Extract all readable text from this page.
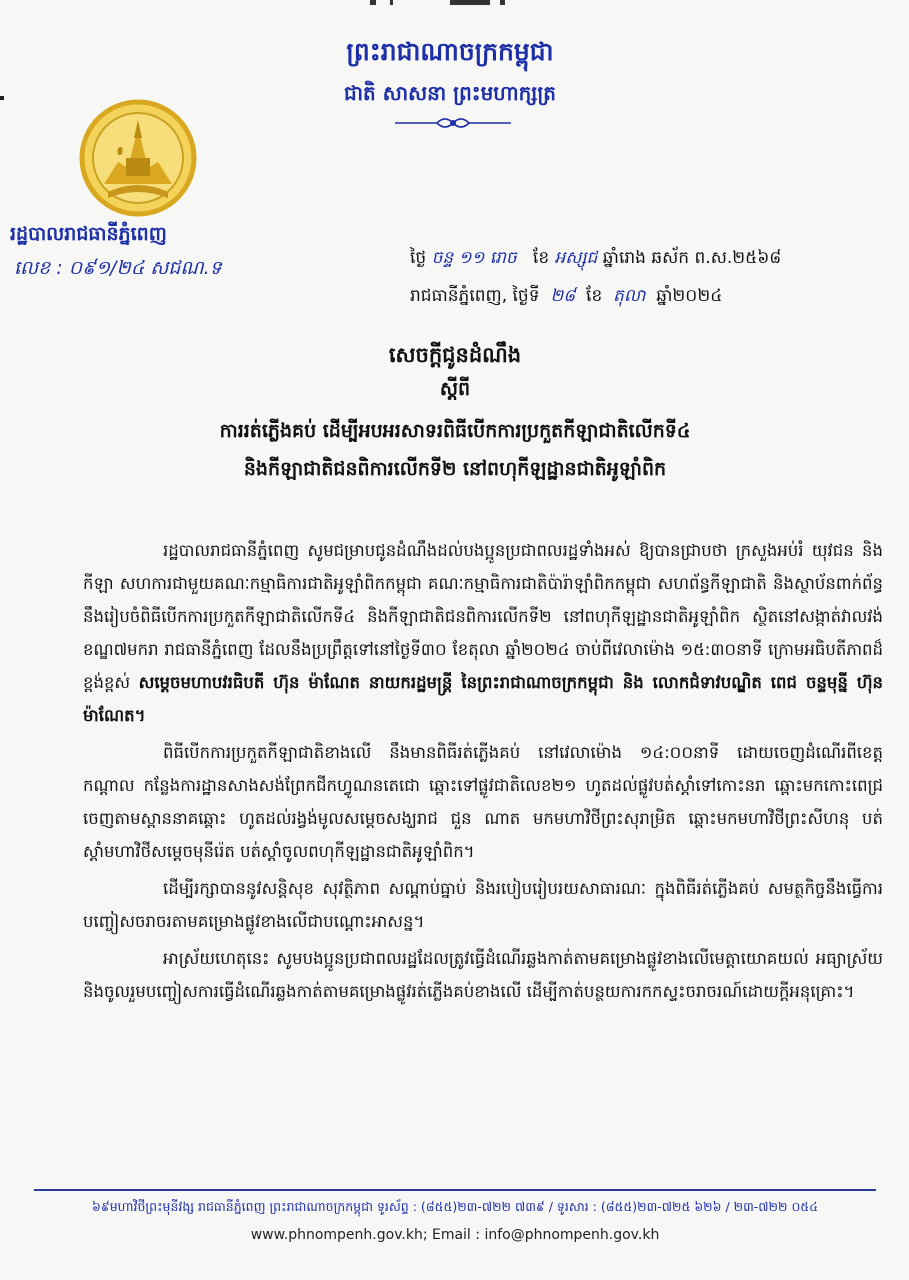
ព្រះរាជាណាចក្រកម្ពុជា
ជាតិ សាសនា ព្រះមហាក្សត្រ
រដ្ឋបាលរាជធានីភ្នំពេញ
លេខ : ០៩១/២៤ សជណ.ទ	ថ្ងៃ ចន្ទ ១១ រោច ខែ អស្សុជ ឆ្នាំរោង ឆស័ក ព.ស.២៥៦៨
រាជធានីភ្នំពេញ, ថ្ងៃទី ២៨ ខែ តុលា ឆ្នាំ២០២៤
សេចក្តីជូនដំណឹង
ស្តីពី
ការរត់ភ្លើងគប់ ដើម្បីអបអរសាទរពិធីបើកការប្រកួតកីឡាជាតិលើកទី៤
និងកីឡាជាតិជនពិការលើកទី២ នៅពហុកីឡដ្ឋានជាតិអូឡាំពិក

រដ្ឋបាលរាជធានីភ្នំពេញ សូមជម្រាបជូនដំណឹងដល់បងប្អូនប្រជាពលរដ្ឋទាំងអស់ ឱ្យបានជ្រាបថា ក្រសួងអប់រំ យុវជន និងកីឡា សហការជាមួយគណៈកម្មាធិការជាតិអូឡាំពិកកម្ពុជា គណៈកម្មាធិការជាតិប៉ារ៉ាឡាំពិកកម្ពុជា សហព័ន្ធកីឡាជាតិ និងស្ថាប័នពាក់ព័ន្ធ នឹងរៀបចំពិធីបើកការប្រកួតកីឡាជាតិលើកទី៤ និងកីឡាជាតិជនពិការលើកទី២ នៅពហុកីឡដ្ឋានជាតិអូឡាំពិក ស្ថិតនៅសង្កាត់វាលវង់ ខណ្ឌ៧មករា រាជធានីភ្នំពេញ ដែលនឹងប្រព្រឹត្តទៅនៅថ្ងៃទី៣០ ខែតុលា ឆ្នាំ២០២៤ ចាប់ពីវេលាម៉ោង ១៥:៣០នាទី ក្រោមអធិបតីភាពដ៏ខ្ពង់ខ្ពស់ សម្តេចមហាបវរធិបតី ហ៊ុន ម៉ាណែត នាយករដ្ឋមន្ត្រី នៃព្រះរាជាណាចក្រកម្ពុជា និង លោកជំទាវបណ្ឌិត ពេជ ចន្ទមុន្នី ហ៊ុន ម៉ាណែត។

ពិធីបើកការប្រកួតកីឡាជាតិខាងលើ នឹងមានពិធីរត់ភ្លើងគប់ នៅវេលាម៉ោង ១៤:០០នាទី ដោយចេញដំណើរពីខេត្តកណ្តាល កន្លែងការដ្ឋានសាងសង់ព្រែកជីកហ្វូណនតេជោ ឆ្ពោះទៅផ្លូវជាតិលេខ២១ ហូតដល់ផ្លូវបត់ស្តាំទៅកោះនរា ឆ្ពោះមកកោះពេជ្រ ចេញតាមស្ពាននាគឆ្ពោះ ហូតដល់រង្វង់មូលសម្តេចសង្ឃរាជ ជួន ណាត មកមហាវិថីព្រះសុរាម្រិត ឆ្ពោះមកមហាវិថីព្រះសីហនុ បត់ស្តាំមហាវិថីសម្តេចមុនីរ៉េត បត់ស្តាំចូលពហុកីឡដ្ឋានជាតិអូឡាំពិក។

ដើម្បីរក្សាបាននូវសន្តិសុខ សុវត្ថិភាព សណ្តាប់ធ្នាប់ និងរបៀបរៀបរយសាធារណៈ ក្នុងពិធីរត់ភ្លើងគប់ សមត្ថកិច្ចនឹងធ្វើការបញ្ចៀសចរាចរតាមគម្រោងផ្លូវខាងលើជាបណ្តោះអាសន្ន។

អាស្រ័យហេតុនេះ សូមបងប្អូនប្រជាពលរដ្ឋដែលត្រូវធ្វើដំណើរឆ្លងកាត់តាមគម្រោងផ្លូវខាងលើមេត្តាយោគយល់ អធ្យាស្រ័យ និងចូលរួមបញ្ចៀសការធ្វើដំណើរឆ្លងកាត់តាមគម្រោងផ្លូវរត់ភ្លើងគប់ខាងលើ ដើម្បីកាត់បន្ថយការកកស្ទះចរាចរណ៍ដោយក្តីអនុគ្រោះ។

៦៩មហាវិថីព្រះមុនីវង្ស រាជធានីភ្នំពេញ ព្រះរាជាណាចក្រកម្ពុជា ទូរស័ព្ទ : (៨៥៥)២៣-៧២២ ៧៣៩ / ទូរសារ : (៨៥៥)២៣-៧២៥ ៦២៦ / ២៣-៧២២ ០៥៤
www.phnompenh.gov.kh; Email : info@phnompenh.gov.kh
